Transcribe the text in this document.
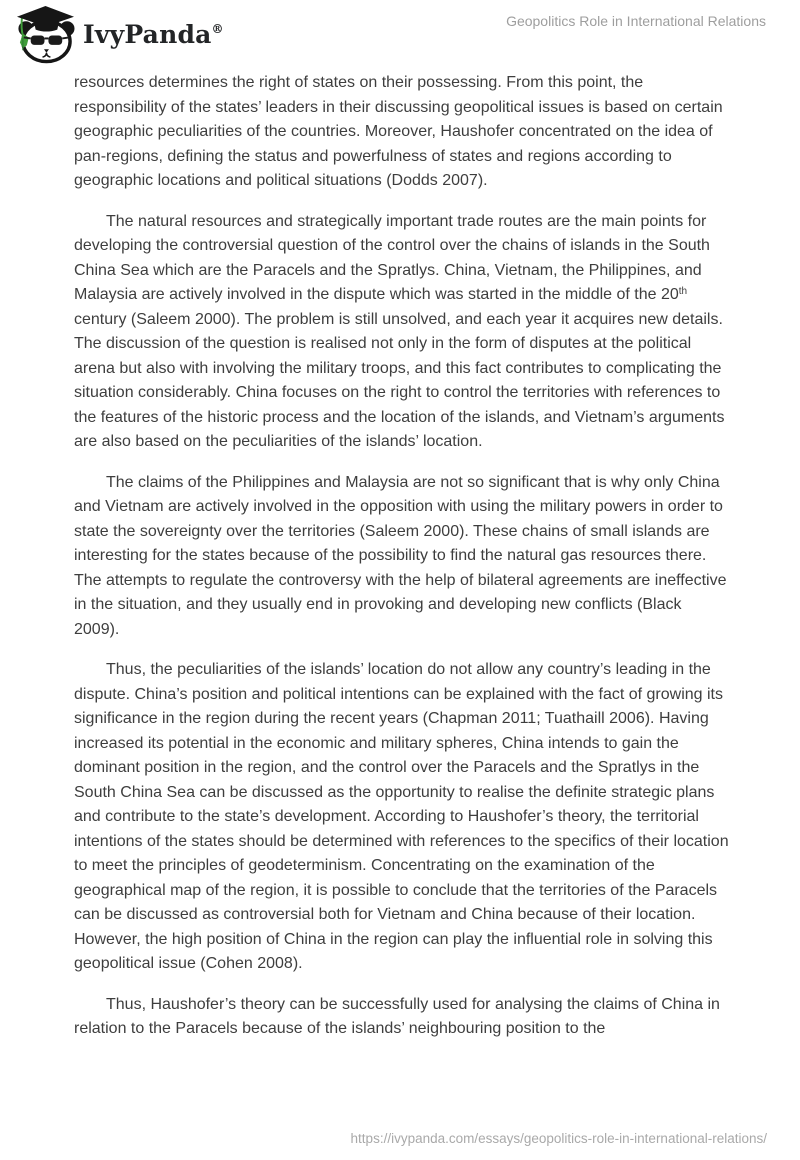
IvyPanda®	Geopolitics Role in International Relations

resources determines the right of states on their possessing. From this point, the responsibility of the states’ leaders in their discussing geopolitical issues is based on certain geographic peculiarities of the countries. Moreover, Haushofer concentrated on the idea of pan-regions, defining the status and powerfulness of states and regions according to geographic locations and political situations (Dodds 2007).

The natural resources and strategically important trade routes are the main points for developing the controversial question of the control over the chains of islands in the South China Sea which are the Paracels and the Spratlys. China, Vietnam, the Philippines, and Malaysia are actively involved in the dispute which was started in the middle of the 20th century (Saleem 2000). The problem is still unsolved, and each year it acquires new details. The discussion of the question is realised not only in the form of disputes at the political arena but also with involving the military troops, and this fact contributes to complicating the situation considerably. China focuses on the right to control the territories with references to the features of the historic process and the location of the islands, and Vietnam’s arguments are also based on the peculiarities of the islands’ location.

The claims of the Philippines and Malaysia are not so significant that is why only China and Vietnam are actively involved in the opposition with using the military powers in order to state the sovereignty over the territories (Saleem 2000). These chains of small islands are interesting for the states because of the possibility to find the natural gas resources there. The attempts to regulate the controversy with the help of bilateral agreements are ineffective in the situation, and they usually end in provoking and developing new conflicts (Black 2009).

Thus, the peculiarities of the islands’ location do not allow any country’s leading in the dispute. China’s position and political intentions can be explained with the fact of growing its significance in the region during the recent years (Chapman 2011; Tuathaill 2006). Having increased its potential in the economic and military spheres, China intends to gain the dominant position in the region, and the control over the Paracels and the Spratlys in the South China Sea can be discussed as the opportunity to realise the definite strategic plans and contribute to the state’s development. According to Haushofer’s theory, the territorial intentions of the states should be determined with references to the specifics of their location to meet the principles of geodeterminism. Concentrating on the examination of the geographical map of the region, it is possible to conclude that the territories of the Paracels can be discussed as controversial both for Vietnam and China because of their location. However, the high position of China in the region can play the influential role in solving this geopolitical issue (Cohen 2008).

Thus, Haushofer’s theory can be successfully used for analysing the claims of China in relation to the Paracels because of the islands’ neighbouring position to the

https://ivypanda.com/essays/geopolitics-role-in-international-relations/
